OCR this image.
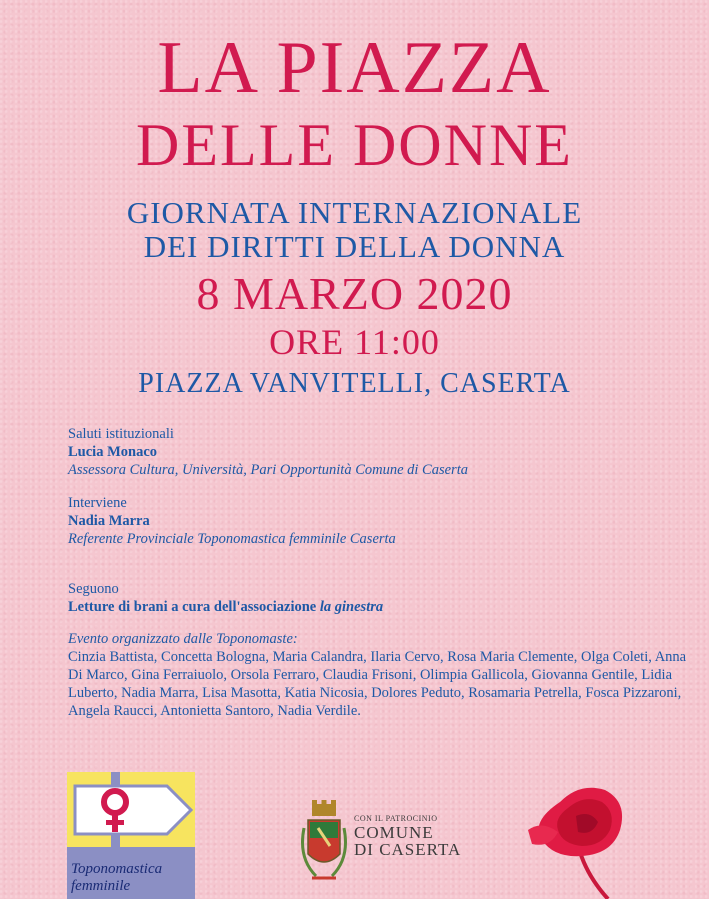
LA PIAZZA
DELLE DONNE
GIORNATA INTERNAZIONALE
DEI DIRITTI DELLA DONNA
8 MARZO 2020
ORE 11:00
PIAZZA VANVITELLI, CASERTA
Saluti istituzionali
Lucia Monaco
Assessora Cultura, Università, Pari Opportunità Comune di Caserta
Interviene
Nadia Marra
Referente Provinciale Toponomastica femminile Caserta
Seguono
Letture di brani a cura dell'associazione la ginestra
Evento organizzato dalle Toponomaste:
Cinzia Battista, Concetta Bologna, Maria Calandra, Ilaria Cervo, Rosa Maria Clemente, Olga Coleti, Anna Di Marco, Gina Ferraiuolo, Orsola Ferraro, Claudia Frisoni, Olimpia Gallicola, Giovanna Gentile, Lidia Luberto, Nadia Marra, Lisa Masotta, Katia Nicosia, Dolores Peduto, Rosamaria Petrella, Fosca Pizzaroni, Angela Raucci, Antonietta Santoro, Nadia Verdile.
Toponomastica
femminile
CON IL PATROCINIO
COMUNE
DI CASERTA
